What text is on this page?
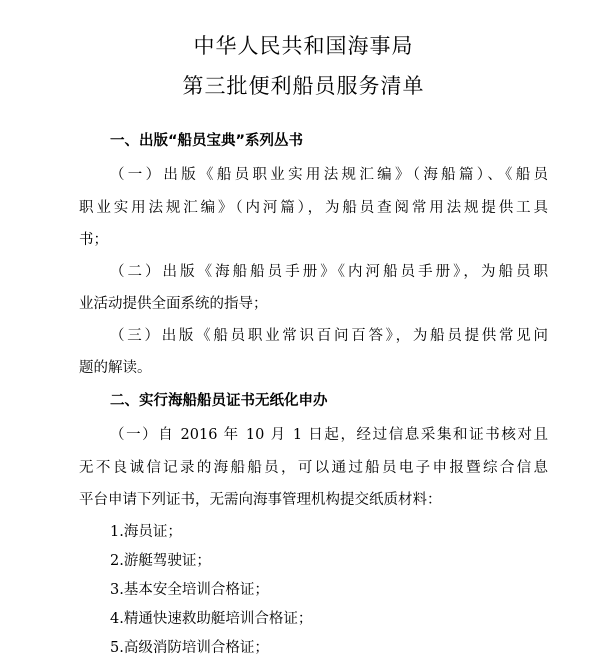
中华人民共和国海事局
第三批便利船员服务清单
一、出版“船员宝典”系列丛书
（一）出版《船员职业实用法规汇编》（海船篇）、《船员
职业实用法规汇编》（内河篇），为船员查阅常用法规提供工具
书；
（二）出版《海船船员手册》《内河船员手册》，为船员职
业活动提供全面系统的指导；
（三）出版《船员职业常识百问百答》，为船员提供常见问
题的解读。
二、实行海船船员证书无纸化申办
（一）自 2016 年 10 月 1 日起，经过信息采集和证书核对且
无不良诚信记录的海船船员，可以通过船员电子申报暨综合信息
平台申请下列证书，无需向海事管理机构提交纸质材料：
1.海员证；
2.游艇驾驶证；
3.基本安全培训合格证；
4.精通快速救助艇培训合格证；
5.高级消防培训合格证；
